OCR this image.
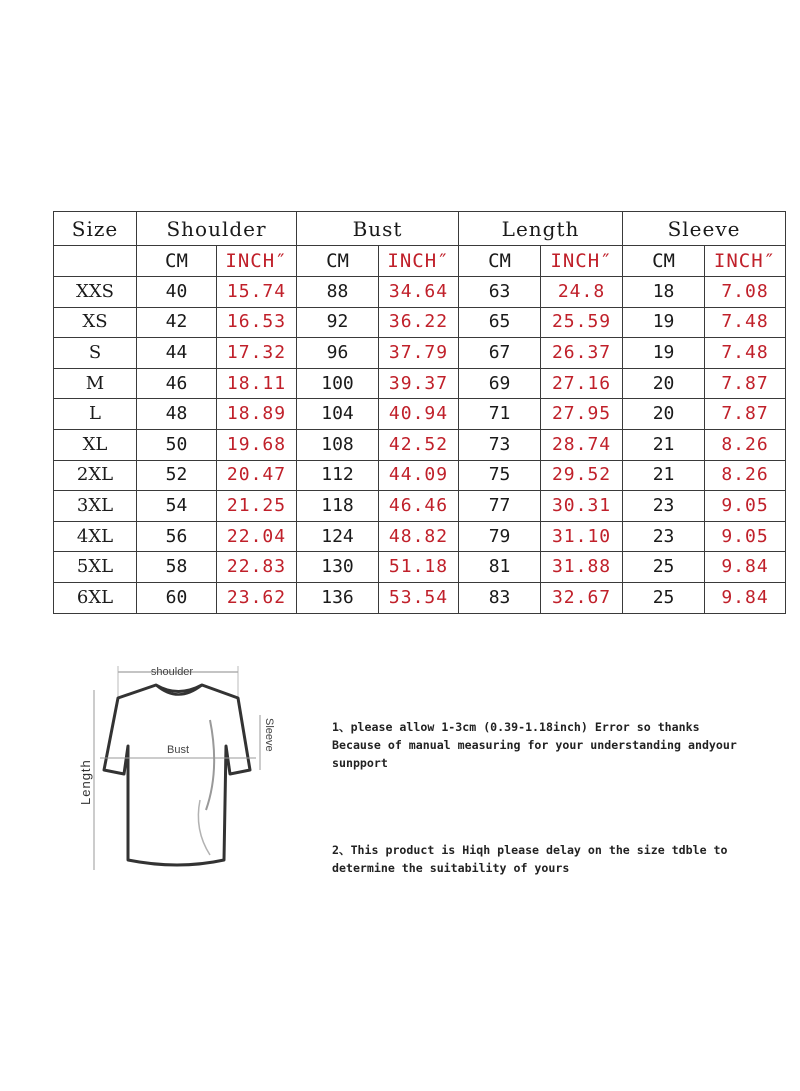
Size	Shoulder		Bust		Length		Sleeve	
	CM	INCH″	CM	INCH″	CM	INCH″	CM	INCH″
XXS	40	15.74	88	34.64	63	24.8	18	7.08
XS	42	16.53	92	36.22	65	25.59	19	7.48
S	44	17.32	96	37.79	67	26.37	19	7.48
M	46	18.11	100	39.37	69	27.16	20	7.87
L	48	18.89	104	40.94	71	27.95	20	7.87
XL	50	19.68	108	42.52	73	28.74	21	8.26
2XL	52	20.47	112	44.09	75	29.52	21	8.26
3XL	54	21.25	118	46.46	77	30.31	23	9.05
4XL	56	22.04	124	48.82	79	31.10	23	9.05
5XL	58	22.83	130	51.18	81	31.88	25	9.84
6XL	60	23.62	136	53.54	83	32.67	25	9.84
shoulder
Bust	Sleeve
Length

1、please allow 1-3cm (0.39-1.18inch) Error so thanks

Because of manual measuring for your understanding andyour

sunpport

2、This product is Hiqh please delay on the size tdble to

determine the suitability of yours
